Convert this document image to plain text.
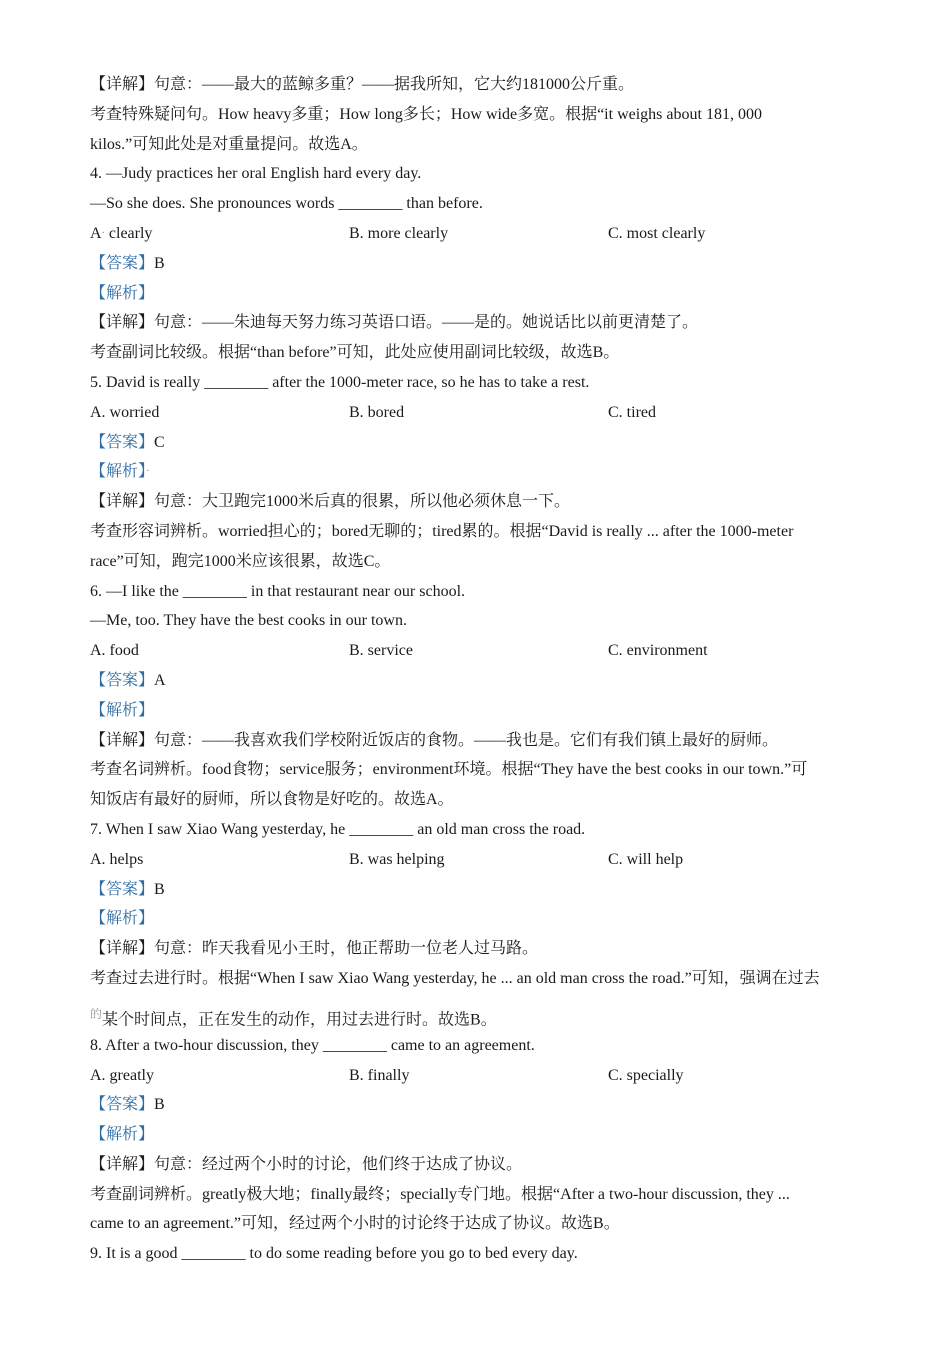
【详解】句意：——最大的蓝鲸多重？——据我所知，它大约181000公斤重。
考查特殊疑问句。How heavy多重；How long多长；How wide多宽。根据“it weighs about 181, 000
kilos.”可知此处是对重量提问。故选A。
4. —Judy practices her oral English hard every day.
—So she does. She pronounces words ________ than before.
A· clearly	B. more clearly	C. most clearly
【答案】B
【解析】
【详解】句意：——朱迪每天努力练习英语口语。——是的。她说话比以前更清楚了。
考查副词比较级。根据“than before”可知，此处应使用副词比较级，故选B。
5. David is really ________ after the 1000-meter race, so he has to take a rest.
A. worried	B. bored	C. tired
【答案】C
【解析】·
【详解】句意：大卫跑完1000米后真的很累，所以他必须休息一下。
考查形容词辨析。worried担心的；bored无聊的；tired累的。根据“David is really ... after the 1000-meter
race”可知，跑完1000米应该很累，故选C。
6. —I like the ________ in that restaurant near our school.
—Me, too. They have the best cooks in our town.
A. food	B. service	C. environment
【答案】A
【解析】
【详解】句意：——我喜欢我们学校附近饭店的食物。——我也是。它们有我们镇上最好的厨师。
考查名词辨析。food食物；service服务；environment环境。根据“They have the best cooks in our town.”可
知饭店有最好的厨师，所以食物是好吃的。故选A。
7. When I saw Xiao Wang yesterday, he ________ an old man cross the road.
A. helps	B. was helping	C. will help
【答案】B
【解析】
【详解】句意：昨天我看见小王时，他正帮助一位老人过马路。
考查过去进行时。根据“When I saw Xiao Wang yesterday, he ... an old man cross the road.”可知，强调在过去
$^的$某个时间点，正在发生的动作，用过去进行时。故选B。
8. After a two-hour discussion, they ________ came to an agreement.
A. greatly	B. finally	C. specially
【答案】B
【解析】
【详解】句意：经过两个小时的讨论，他们终于达成了协议。
考查副词辨析。greatly极大地；finally最终；specially专门地。根据“After a two-hour discussion, they ...
came to an agreement.”可知，经过两个小时的讨论终于达成了协议。故选B。
9. It is a good ________ to do some reading before you go to bed every day.
